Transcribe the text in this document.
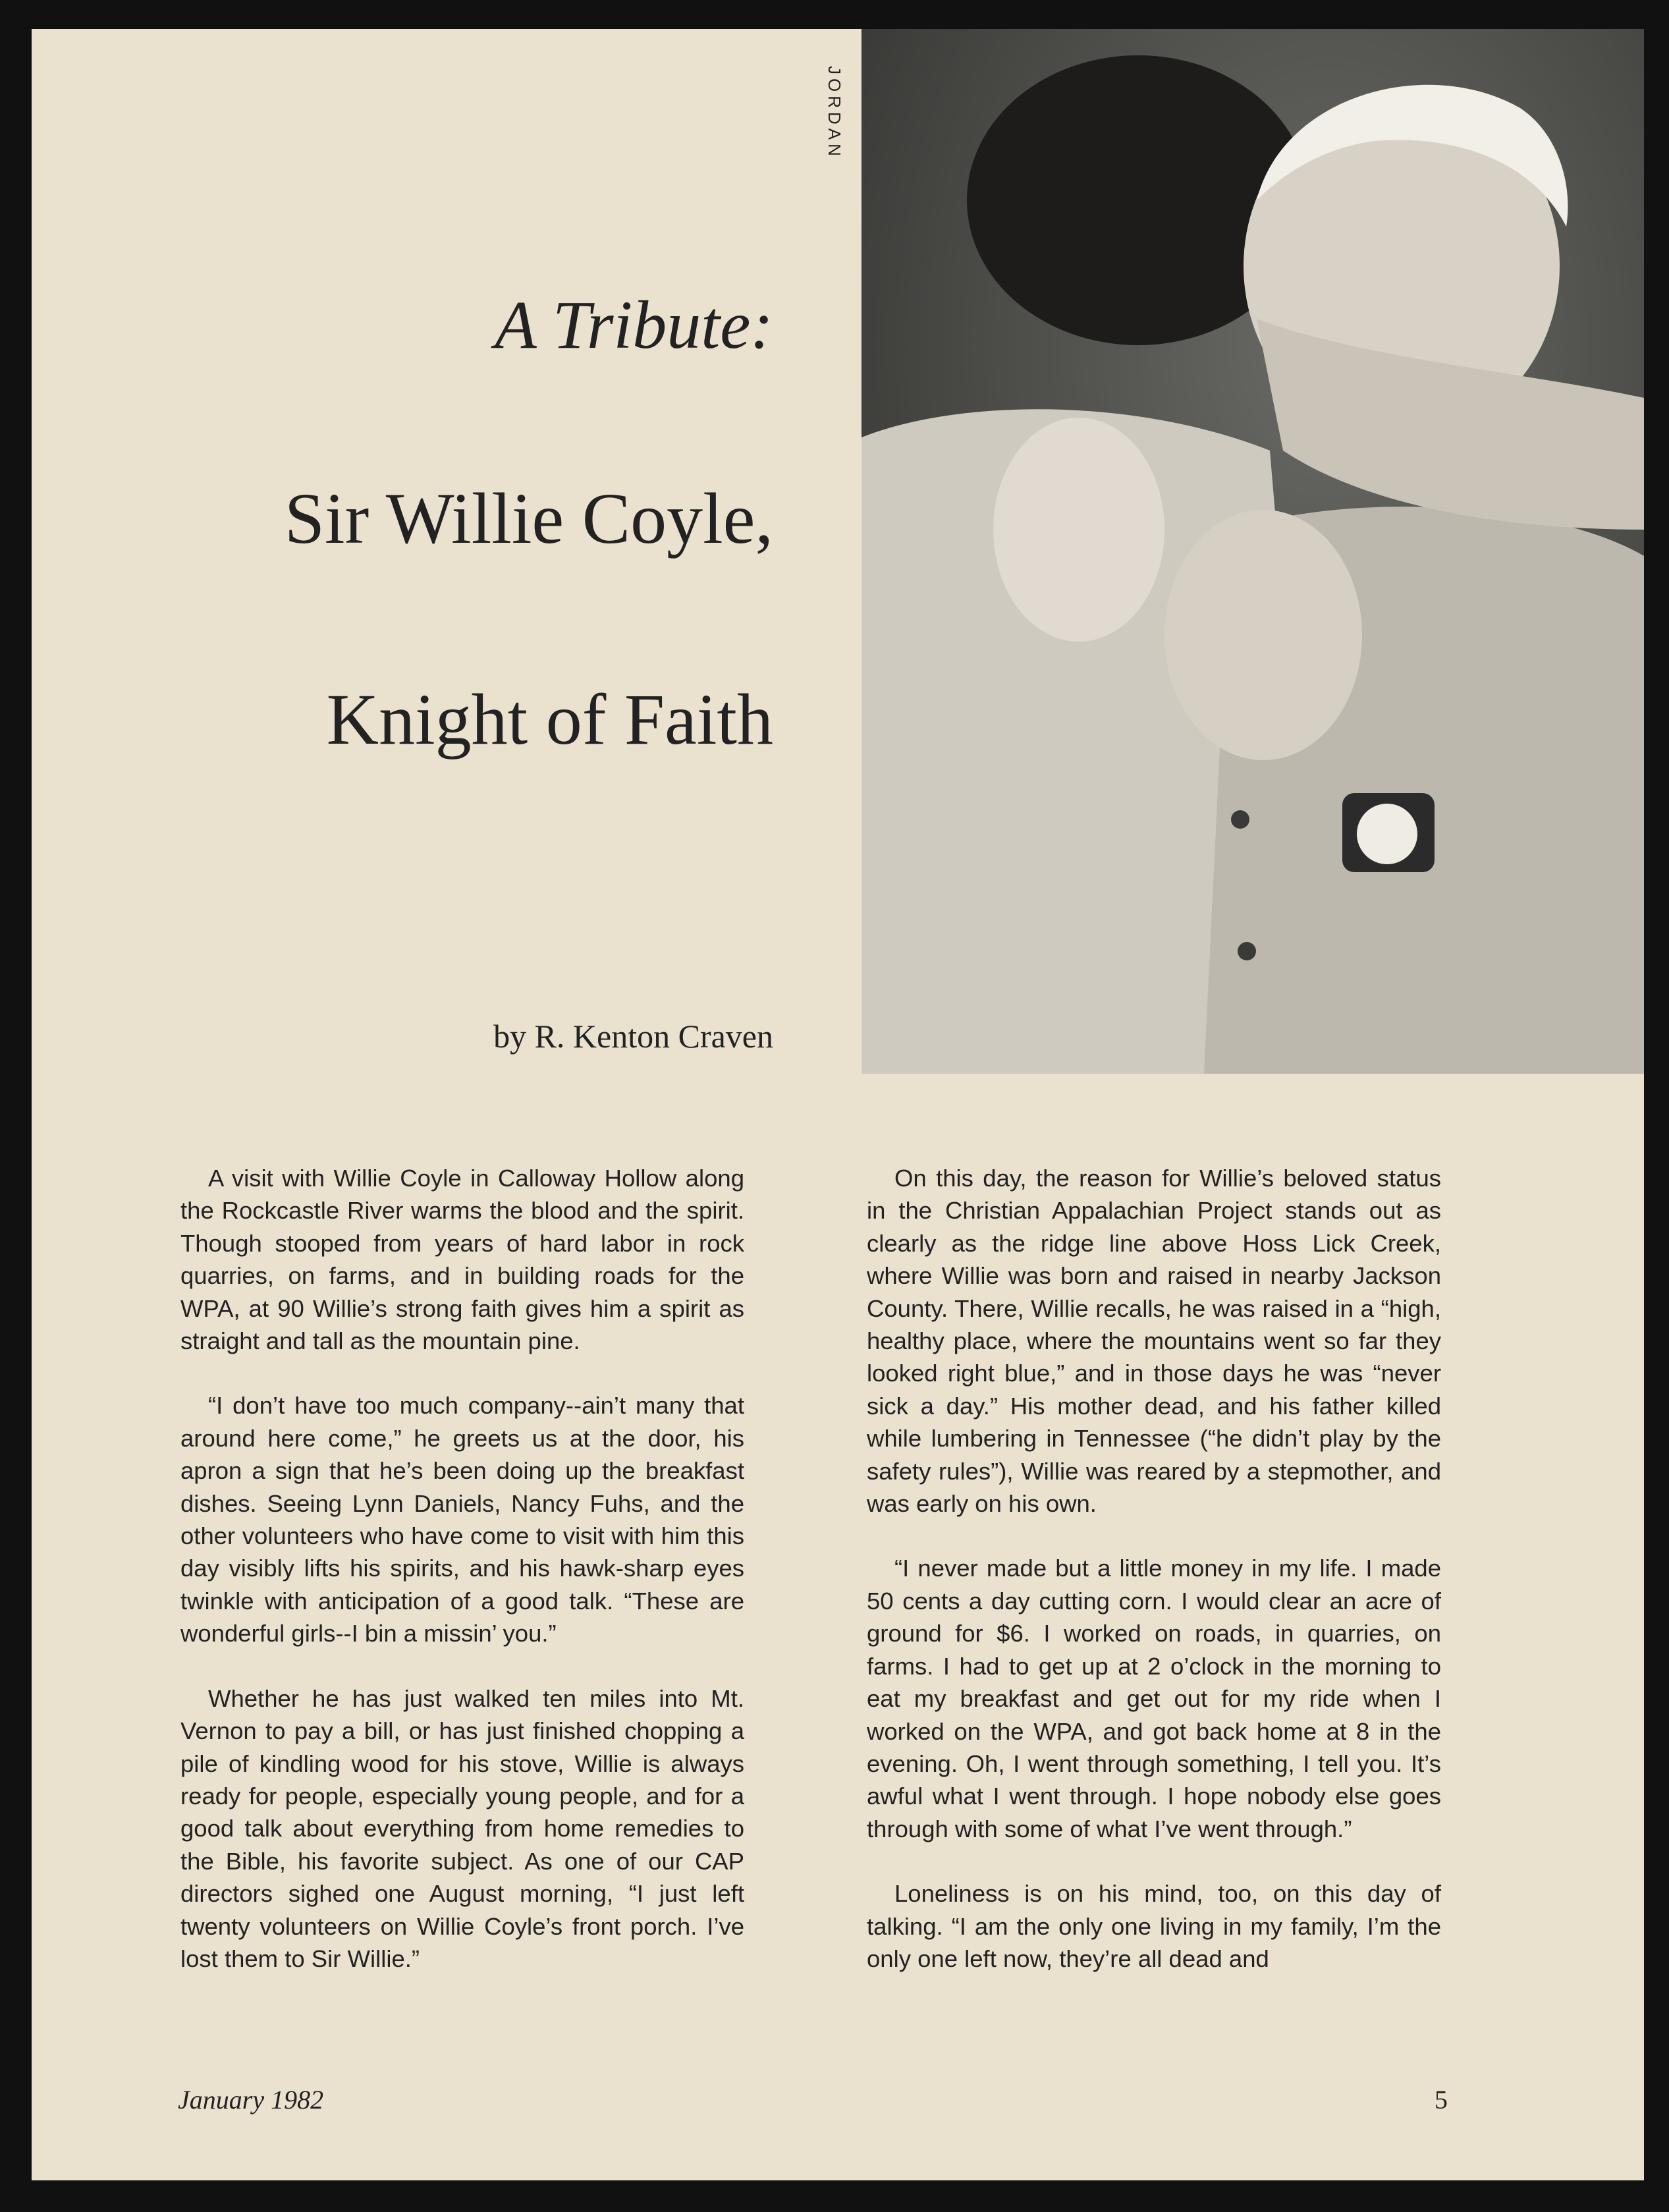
JORDAN
A Tribute:
Sir Willie Coyle,
Knight of Faith
by R. Kenton Craven

A visit with Willie Coyle in Calloway Hollow along the Rockcastle River warms the blood and the spirit. Though stooped from years of hard labor in rock quarries, on farms, and in building roads for the WPA, at 90 Willie’s strong faith gives him a spirit as straight and tall as the mountain pine.

“I don’t have too much company--ain’t many that around here come,” he greets us at the door, his apron a sign that he’s been doing up the breakfast dishes. Seeing Lynn Daniels, Nancy Fuhs, and the other volunteers who have come to visit with him this day visibly lifts his spirits, and his hawk-sharp eyes twinkle with anticipation of a good talk. “These are wonderful girls--I bin a missin’ you.”

Whether he has just walked ten miles into Mt. Vernon to pay a bill, or has just finished chopping a pile of kindling wood for his stove, Willie is always ready for people, especially young people, and for a good talk about everything from home remedies to the Bible, his favorite subject. As one of our CAP directors sighed one August morning, “I just left twenty volunteers on Willie Coyle’s front porch. I’ve lost them to Sir Willie.”

On this day, the reason for Willie’s beloved status in the Christian Appalachian Project stands out as clearly as the ridge line above Hoss Lick Creek, where Willie was born and raised in nearby Jackson County. There, Willie recalls, he was raised in a “high, healthy place, where the mountains went so far they looked right blue,” and in those days he was “never sick a day.” His mother dead, and his father killed while lumbering in Tennessee (“he didn’t play by the safety rules”), Willie was reared by a stepmother, and was early on his own.

“I never made but a little money in my life. I made 50 cents a day cutting corn. I would clear an acre of ground for $6. I worked on roads, in quarries, on farms. I had to get up at 2 o’clock in the morning to eat my breakfast and get out for my ride when I worked on the WPA, and got back home at 8 in the evening. Oh, I went through something, I tell you. It’s awful what I went through. I hope nobody else goes through with some of what I’ve went through.”

Loneliness is on his mind, too, on this day of talking. “I am the only one living in my family, I’m the only one left now, they’re all dead and

January 1982	5
